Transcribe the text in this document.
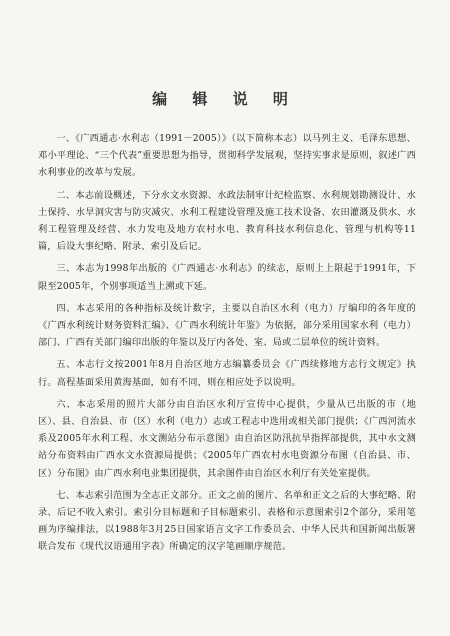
编 辑 说 明

一、《广西通志·水利志（1991－2005）》（以下简称本志）以马列主义、毛泽东思想、邓小平理论、“三个代表”重要思想为指导，贯彻科学发展观，坚持实事求是原则，叙述广西水利事业的改革与发展。

二、本志前设概述，下分水文水资源、水政法制审计纪检监察、水利规划勘测设计、水土保持、水旱洞灾害与防灾减灾、水利工程建设管理及施工技术设备、农田灌溉及供水、水利工程管理及经营、水力发电及地方农村水电、教育科技水利信息化、管理与机构等11篇，后设大事纪略、附录、索引及后记。

三、本志为1998年出版的《广西通志·水利志》的续志，原则上上限起于1991年，下限至2005年，个别事项适当上溯或下延。

四、本志采用的各种指标及统计数字，主要以自治区水利（电力）厅编印的各年度的《广西水利统计财务资料汇编》、《广西水利统计年鉴》为依据，部分采用国家水利（电力）部门、广西有关部门编印出版的年鉴以及厅内各处、室、局或二层单位的统计资料。

五、本志行文按2001年8月自治区地方志编纂委员会《广西续修地方志行文规定》执行。高程基面采用黄海基面，如有不同，则在相应处予以说明。

六、本志采用的照片大部分由自治区水利厅宣传中心提供，少量从已出版的市（地区）、县、自治县、市（区）水利（电力）志或工程志中选用或相关部门提供；《广西河流水系及2005年水利工程、水文测站分布示意图》由自治区防汛抗旱指挥部提供，其中水文测站分布资料由广西水文水资源局提供；《2005年广西农村水电资源分布图（自治县、市、区）分布图》由广西水利电业集团提供，其余图件由自治区水利厅有关处室提供。

七、本志索引范围为全志正文部分。正文之前的图片、名单和正文之后的大事纪略、附录、后记不收入索引。索引分目标题和子目标题索引、表格和示意图索引2个部分，采用笔画为序编排法，以1988年3月25日国家语言文字工作委员会、中华人民共和国新闻出版署联合发布《现代汉语通用字表》所确定的汉字笔画顺序规范。
